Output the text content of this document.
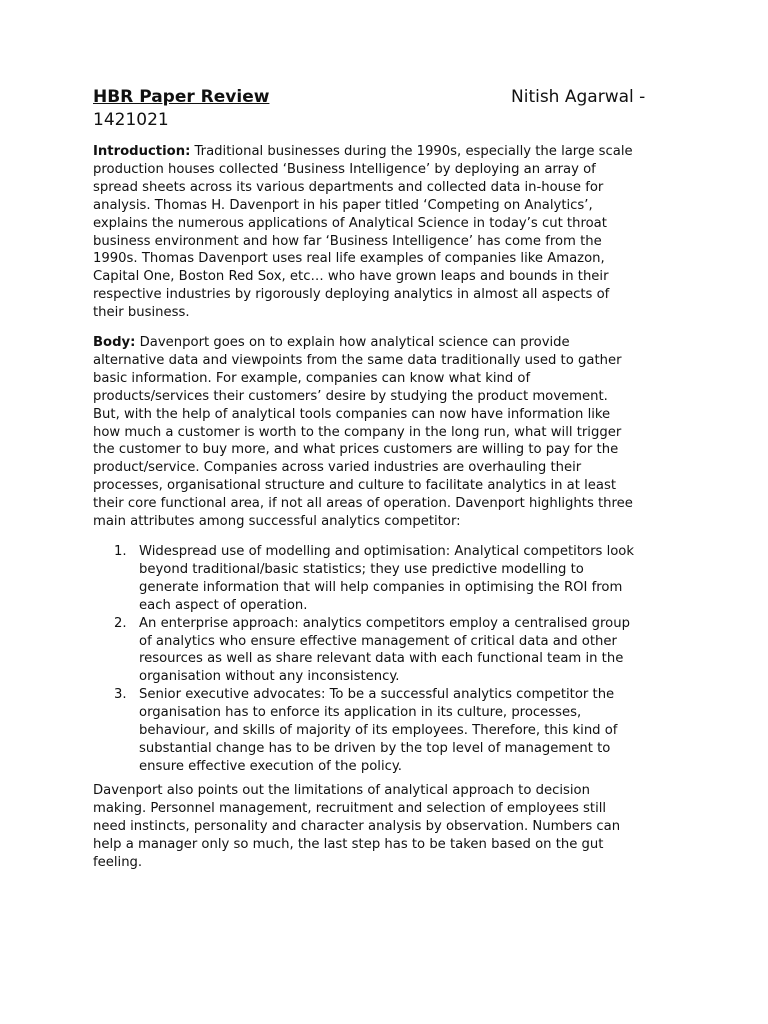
HBR Paper Review	Nitish Agarwal -
1421021
Introduction: Traditional businesses during the 1990s, especially the large scale
production houses collected ‘Business Intelligence’ by deploying an array of
spread sheets across its various departments and collected data in-house for
analysis. Thomas H. Davenport in his paper titled ‘Competing on Analytics’,
explains the numerous applications of Analytical Science in today’s cut throat
business environment and how far ‘Business Intelligence’ has come from the
1990s. Thomas Davenport uses real life examples of companies like Amazon,
Capital One, Boston Red Sox, etc… who have grown leaps and bounds in their
respective industries by rigorously deploying analytics in almost all aspects of
their business.
Body: Davenport goes on to explain how analytical science can provide
alternative data and viewpoints from the same data traditionally used to gather
basic information. For example, companies can know what kind of
products/services their customers’ desire by studying the product movement.
But, with the help of analytical tools companies can now have information like
how much a customer is worth to the company in the long run, what will trigger
the customer to buy more, and what prices customers are willing to pay for the
product/service. Companies across varied industries are overhauling their
processes, organisational structure and culture to facilitate analytics in at least
their core functional area, if not all areas of operation. Davenport highlights three
main attributes among successful analytics competitor:
1. Widespread use of modelling and optimisation: Analytical competitors look
beyond traditional/basic statistics; they use predictive modelling to
generate information that will help companies in optimising the ROI from
each aspect of operation.
2. An enterprise approach: analytics competitors employ a centralised group
of analytics who ensure effective management of critical data and other
resources as well as share relevant data with each functional team in the
organisation without any inconsistency.
3. Senior executive advocates: To be a successful analytics competitor the
organisation has to enforce its application in its culture, processes,
behaviour, and skills of majority of its employees. Therefore, this kind of
substantial change has to be driven by the top level of management to
ensure effective execution of the policy.
Davenport also points out the limitations of analytical approach to decision
making. Personnel management, recruitment and selection of employees still
need instincts, personality and character analysis by observation. Numbers can
help a manager only so much, the last step has to be taken based on the gut
feeling.
